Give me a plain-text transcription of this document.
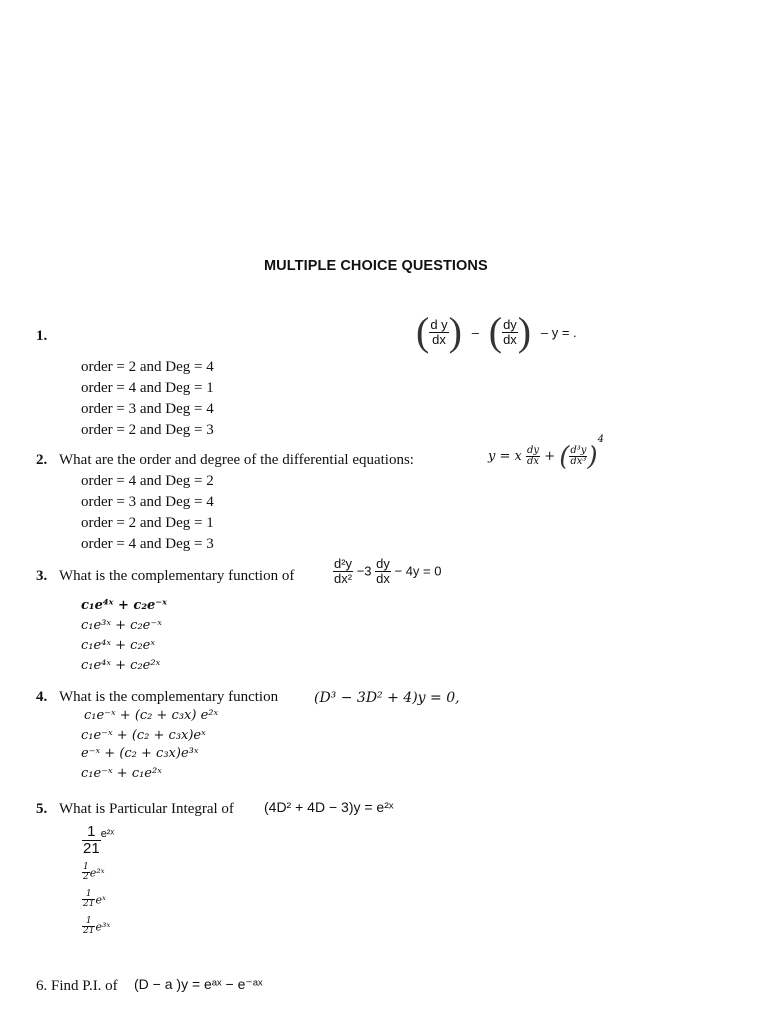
MULTIPLE CHOICE QUESTIONS
1.	( $\frac{\text{d y}}{dx}$ ) – ( $\frac{dy}{dx}$ ) – y = .
order = 2 and Deg = 4
order = 4 and Deg = 1
order = 3 and Deg = 4
order = 2 and Deg = 3
2. What are the order and degree of the differential equations:	y = x $\frac{dy}{dx}$ + ( $\frac{\text{d³y}}{\text{dx³}} )^4$
order = 4 and Deg = 2
order = 3 and Deg = 4
order = 2 and Deg = 1
order = 4 and Deg = 3
3. What is the complementary function of	$\frac{\text{d²y}}{\text{dx²}} -3 \frac{dy}{dx} - 4y = 0$
c₁e⁴ˣ + c₂e⁻ˣ
c₁e³ˣ + c₂e⁻ˣ
c₁e⁴ˣ + c₂eˣ
c₁e⁴ˣ + c₂e²ˣ
4. What is the complementary function	(D³ − 3D² + 4)y = 0,
c₁e⁻ˣ + (c₂ + c₃x) e²ˣ
c₁e⁻ˣ + (c₂ + c₃x)eˣ
e⁻ˣ + (c₂ + c₃x)e³ˣ
c₁e⁻ˣ + c₁e²ˣ
5. What is Particular Integral of (4D² + 4D − 3)y = e²ˣ
$\frac{1}{21} ^{e^2ˣ}$
$\frac{1}{2}$ e²ˣ
$\frac{1}{21}$ eˣ
$\frac{1}{21}$ e³ˣ
6. Find P.I. of (D − a )y = eᵃˣ − e⁻ᵃˣ
